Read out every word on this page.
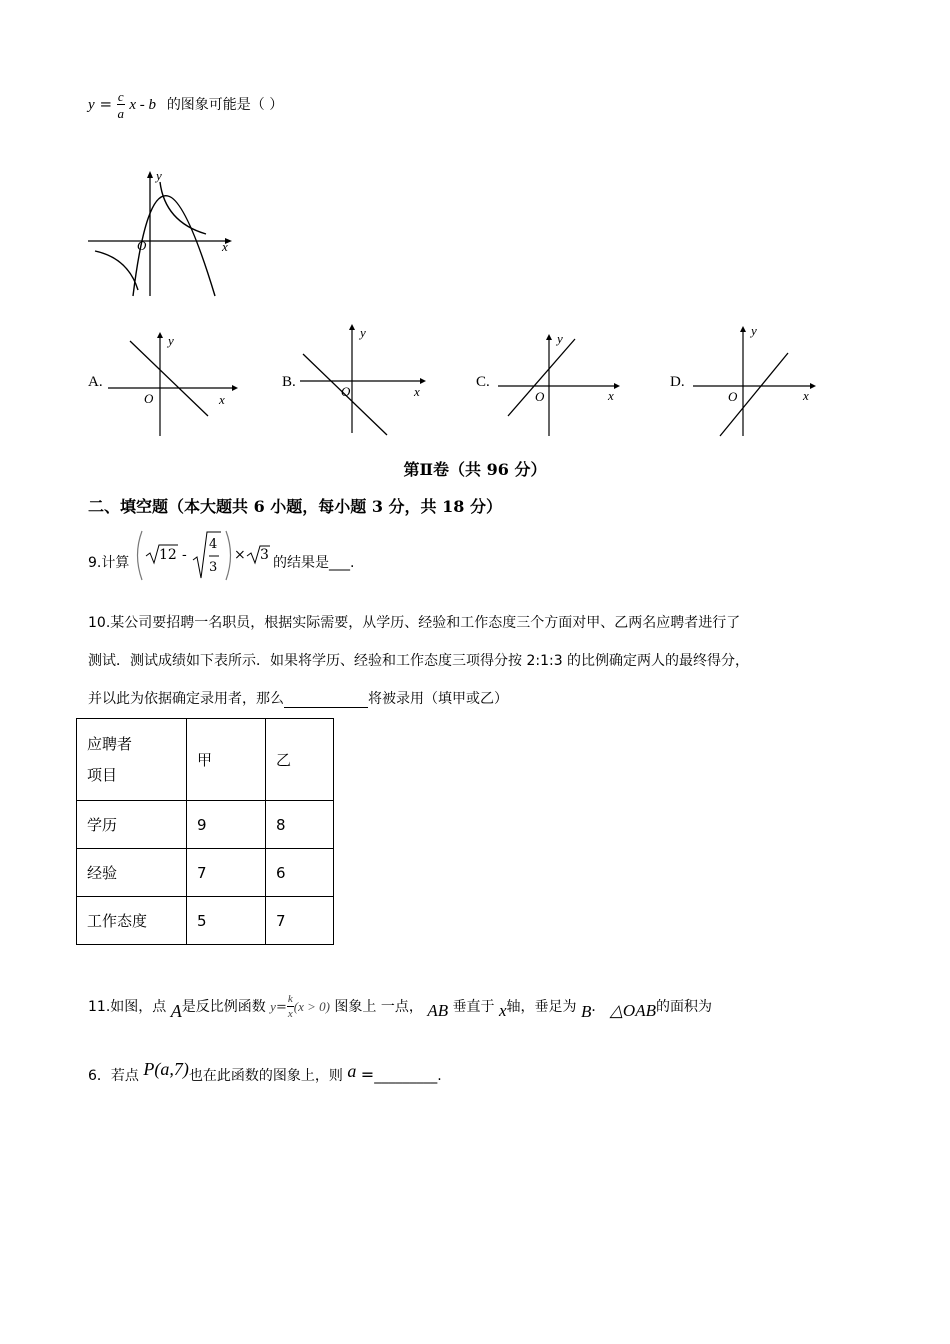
$y = \frac{c}{a}$ x - b 的图象可能是（ ）
y
x
O
y
x
O
y
x
O
y
x
O
y
x
O
A.	B.	C.	D.
第Ⅱ卷（共 96 分）
二、填空题（本大题共 6 小题，每小题 3 分，共 18 分）
9.计算 12 -
4
3
× 3 的结果是___.
10.某公司要招聘一名职员，根据实际需要，从学历、经验和工作态度三个方面对甲、乙两名应聘者进行了
测试．测试成绩如下表所示．如果将学历、经验和工作态度三项得分按 2:1:3 的比例确定两人的最终得分，
并以此为依据确定录用者，那么	将被录用（填甲或乙）
应聘者
项目	甲	乙
学历	9	8
经验	7	6
工作态度	5	7
11.如图，点 A是反比例函数 $y= \frac{k}{x} (x > 0)$ 图象上 一点， AB 垂直于 x轴，垂足为 B． △OAB的面积为
6．若点 P(a,7)也在此函数的图象上，则 a =_________.
